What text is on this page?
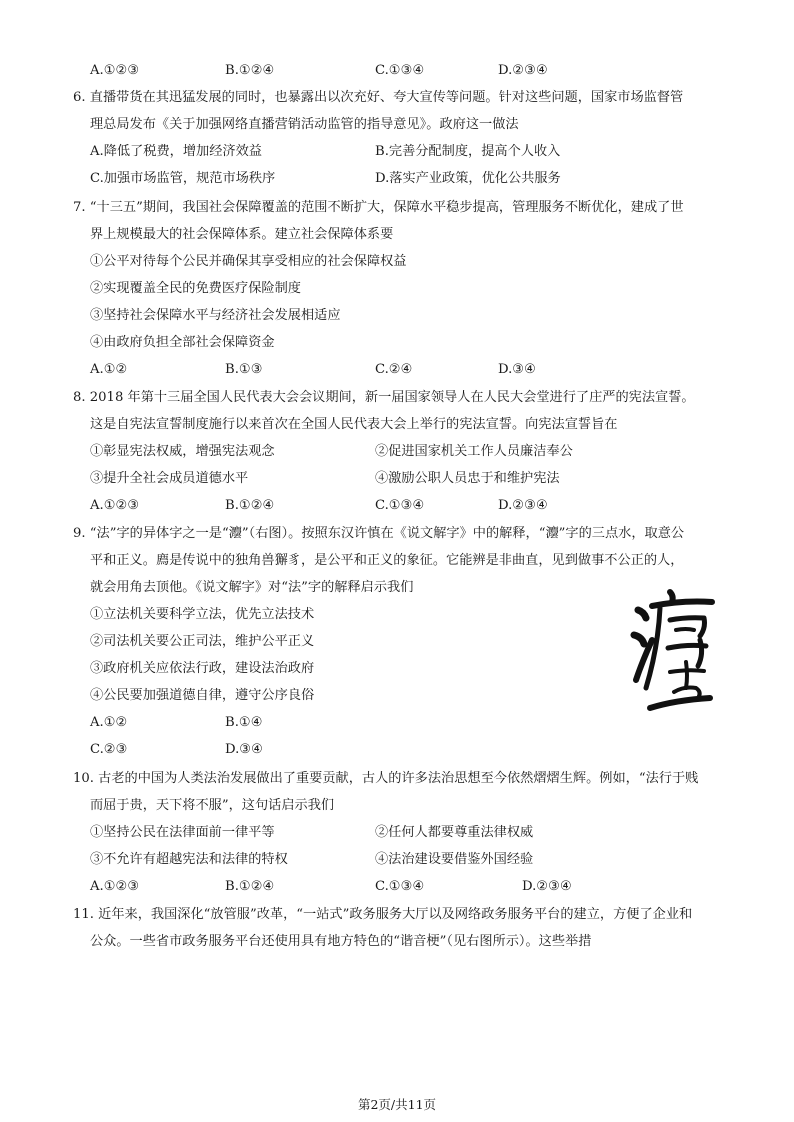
A.①②③	B.①②④	C.①③④	D.②③④
6. 直播带货在其迅猛发展的同时，也暴露出以次充好、夸大宣传等问题。针对这些问题，国家市场监督管
理总局发布《关于加强网络直播营销活动监管的指导意见》。政府这一做法
A.降低了税费，增加经济效益	B.完善分配制度，提高个人收入
C.加强市场监管，规范市场秩序	D.落实产业政策，优化公共服务
7. “十三五”期间，我国社会保障覆盖的范围不断扩大，保障水平稳步提高，管理服务不断优化，建成了世
界上规模最大的社会保障体系。建立社会保障体系要
①公平对待每个公民并确保其享受相应的社会保障权益
②实现覆盖全民的免费医疗保险制度
③坚持社会保障水平与经济社会发展相适应
④由政府负担全部社会保障资金
A.①②	B.①③	C.②④	D.③④
8. 2018 年第十三届全国人民代表大会会议期间，新一届国家领导人在人民大会堂进行了庄严的宪法宣誓。
这是自宪法宣誓制度施行以来首次在全国人民代表大会上举行的宪法宣誓。向宪法宣誓旨在
①彰显宪法权威，增强宪法观念	②促进国家机关工作人员廉洁奉公
③提升全社会成员道德水平	④激励公职人员忠于和维护宪法
A.①②③	B.①②④	C.①③④	D.②③④
9. “法”字的异体字之一是“灋”（右图）。按照东汉许慎在《说文解字》中的解释，“灋”字的三点水，取意公
平和正义。廌是传说中的独角兽獬豸，是公平和正义的象征。它能辨是非曲直，见到做事不公正的人，
就会用角去顶他。《说文解字》对“法”字的解释启示我们
①立法机关要科学立法，优先立法技术
②司法机关要公正司法，维护公平正义
③政府机关应依法行政，建设法治政府
④公民要加强道德自律，遵守公序良俗
A.①②	B.①④
C.②③	D.③④
10. 古老的中国为人类法治发展做出了重要贡献，古人的许多法治思想至今依然熠熠生辉。例如，“法行于贱
而屈于贵，天下将不服”，这句话启示我们
①坚持公民在法律面前一律平等	②任何人都要尊重法律权威
③不允许有超越宪法和法律的特权	④法治建设要借鉴外国经验
A.①②③	B.①②④	C.①③④	D.②③④
11. 近年来，我国深化“放管服”改革，“一站式”政务服务大厅以及网络政务服务平台的建立，方便了企业和
公众。一些省市政务服务平台还使用具有地方特色的“谐音梗”（见右图所示）。这些举措
第2页/共11页
